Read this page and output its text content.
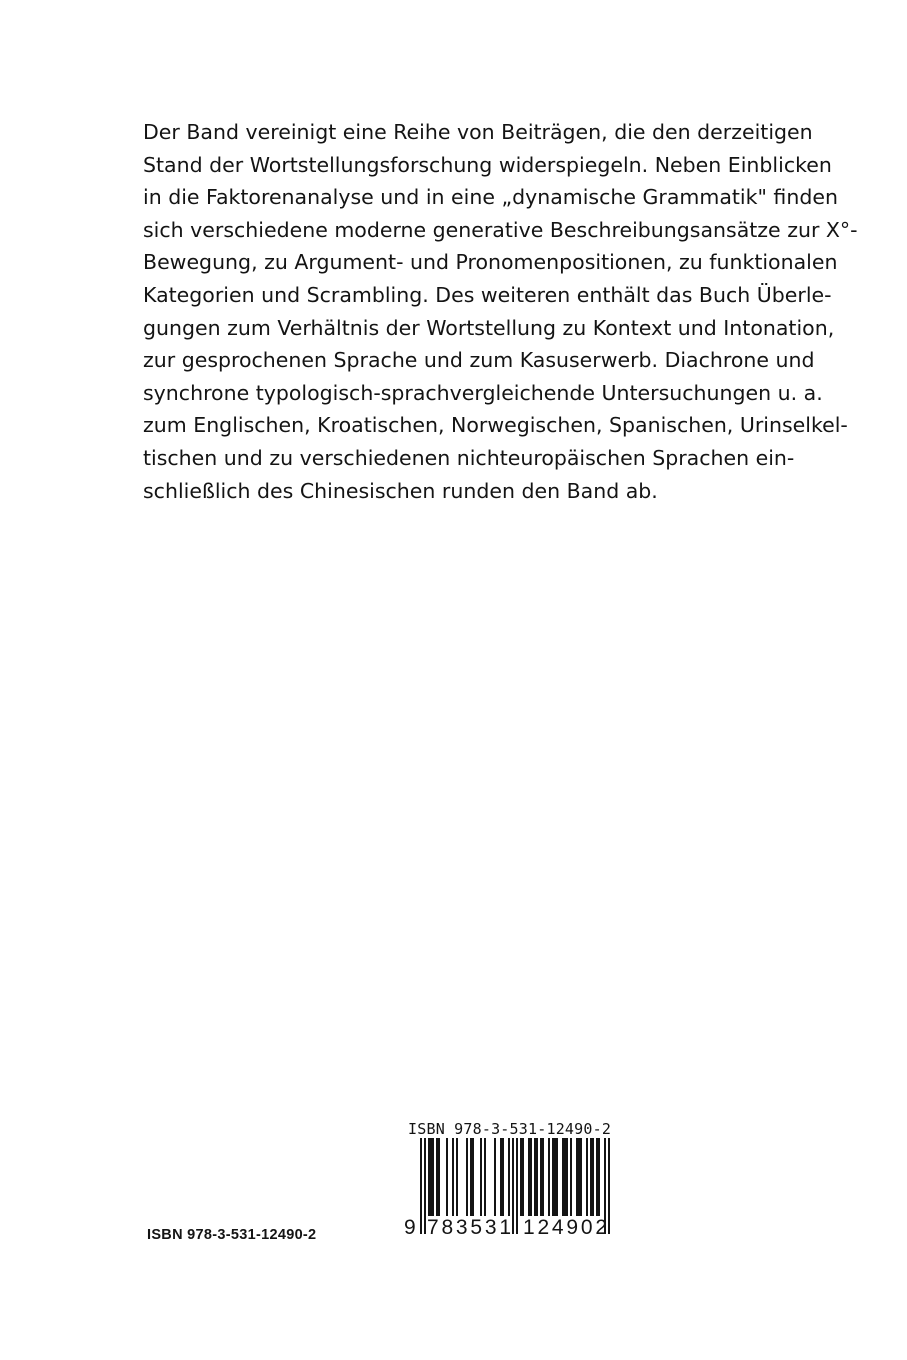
Der Band vereinigt eine Reihe von Beiträgen, die den derzeitigen
Stand der Wortstellungsforschung widerspiegeln. Neben Einblicken
in die Faktorenanalyse und in eine „dynamische Grammatik" finden
sich verschiedene moderne generative Beschreibungsansätze zur X°-
Bewegung, zu Argument- und Pronomenpositionen, zu funktionalen
Kategorien und Scrambling. Des weiteren enthält das Buch Überle-
gungen zum Verhältnis der Wortstellung zu Kontext und Intonation,
zur gesprochenen Sprache und zum Kasuserwerb. Diachrone und
synchrone typologisch-sprachvergleichende Untersuchungen u. a.
zum Englischen, Kroatischen, Norwegischen, Spanischen, Urinselkel-
tischen und zu verschiedenen nichteuropäischen Sprachen ein-
schließlich des Chinesischen runden den Band ab.
ISBN 978-3-531-12490-2
9 783531 124902
ISBN 978-3-531-12490-2
